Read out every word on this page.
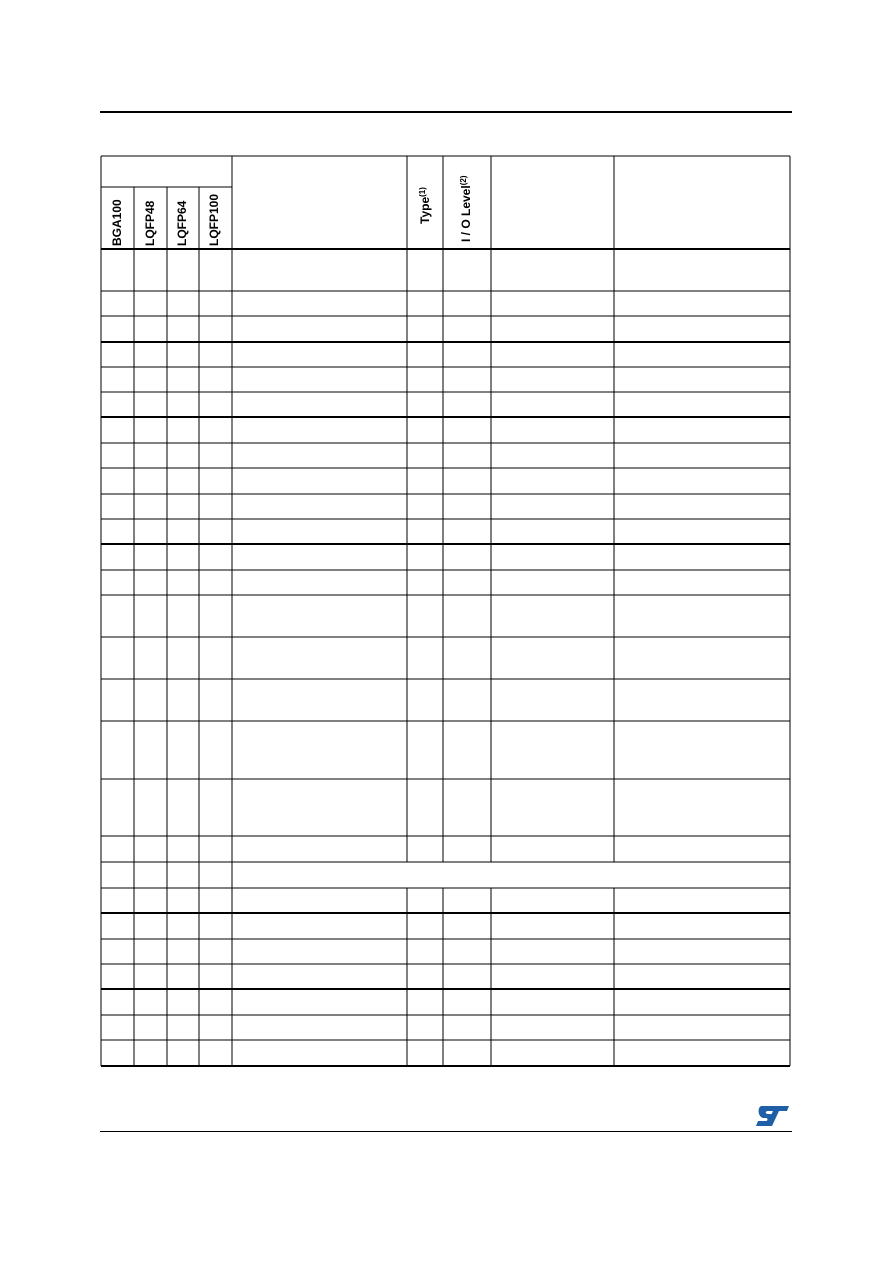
BGA100 LQFP48 LQFP64 LQFP100	Type$^{(1)}$	I / O Level$^{(2)}$
